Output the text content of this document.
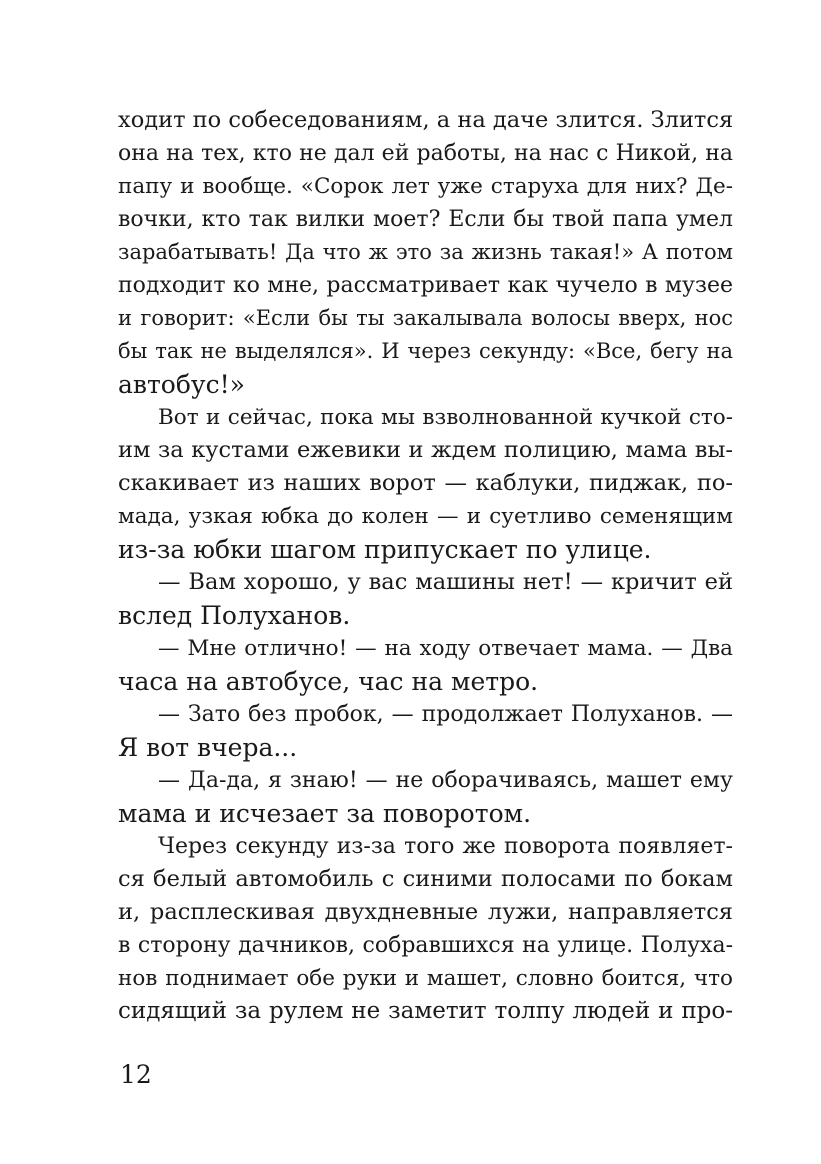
ходит по собеседованиям, а на даче злится. Злится
она на тех, кто не дал ей работы, на нас с Никой, на
папу и вообще. «Сорок лет уже старуха для них? Де-
вочки, кто так вилки моет? Если бы твой папа умел
зарабатывать! Да что ж это за жизнь такая!» А потом
подходит ко мне, рассматривает как чучело в музее
и говорит: «Если бы ты закалывала волосы вверх, нос
бы так не выделялся». И через секунду: «Все, бегу на
автобус!»
Вот и сейчас, пока мы взволнованной кучкой сто-
им за кустами ежевики и ждем полицию, мама вы-
скакивает из наших ворот — каблуки, пиджак, по-
мада, узкая юбка до колен — и суетливо семенящим
из-за юбки шагом припускает по улице.
— Вам хорошо, у вас машины нет! — кричит ей
вслед Полуханов.
— Мне отлично! — на ходу отвечает мама. — Два
часа на автобусе, час на метро.
— Зато без пробок, — продолжает Полуханов. —
Я вот вчера...
— Да-да, я знаю! — не оборачиваясь, машет ему
мама и исчезает за поворотом.
Через секунду из-за того же поворота появляет-
ся белый автомобиль с синими полосами по бокам
и, расплескивая двухдневные лужи, направляется
в сторону дачников, собравшихся на улице. Полуха-
нов поднимает обе руки и машет, словно боится, что
сидящий за рулем не заметит толпу людей и про-
12
